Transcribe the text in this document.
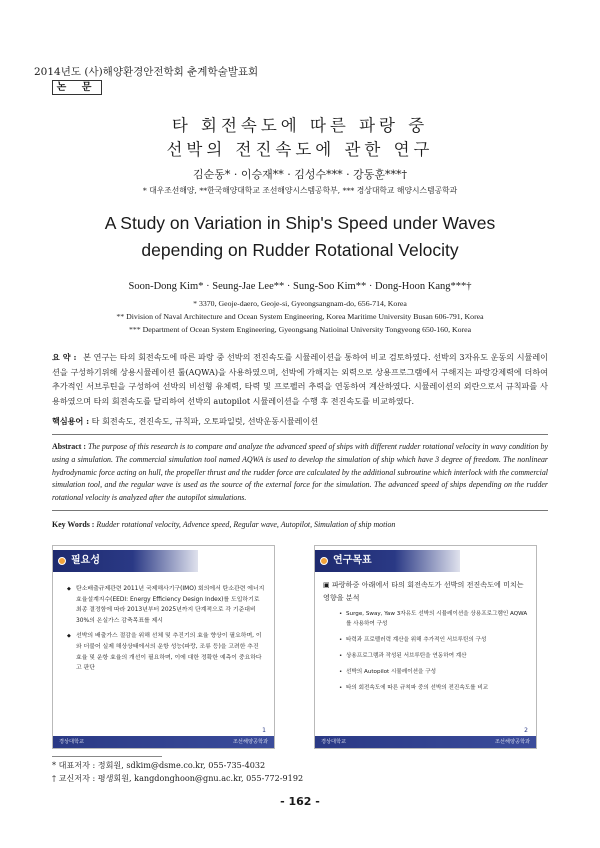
2014년도 (사)해양환경안전학회 춘계학술발표회
논 문
타 회전속도에 따른 파랑 중
선박의 전진속도에 관한 연구
김순동* · 이승재** · 김성수*** · 강동훈***†
* 대우조선해양, **한국해양대학교 조선해양시스템공학부, *** 경상대학교 해양시스템공학과
A Study on Variation in Ship's Speed under Waves
depending on Rudder Rotational Velocity
Soon-Dong Kim* · Seung-Jae Lee** · Sung-Soo Kim** · Dong-Hoon Kang***†
* 3370, Geoje-daero, Geoje-si, Gyeongsangnam-do, 656-714, Korea
** Division of Naval Architecture and Ocean System Engineering, Korea Maritime University Busan 606-791, Korea
*** Department of Ocean System Engineering, Gyeongsang Natioinal University Tongyeong 650-160, Korea
요 약 : 본 연구는 타의 회전속도에 따른 파랑 중 선박의 전진속도를 시뮬레이션을 통하여 비교 검토하였다. 선박의 3자유도 운동의 시뮬레이션을 구성하기위해 상용시뮬레이션 툴(AQWA)을 사용하였으며, 선박에 가해지는 외력으로 상용프로그램에서 구해지는 파랑강제력에 더하여 추가적인 서브루틴을 구성하여 선박의 비선형 유체력, 타력 및 프로펠러 추력을 연동하여 계산하였다. 시뮬레이션의 외란으로서 규칙파를 사용하였으며 타의 회전속도를 달리하여 선박의 autopilot 시뮬레이션을 수행 후 전진속도를 비교하였다.
핵심용어 : 타 회전속도, 전진속도, 규칙파, 오토파일럿, 선박운동시뮬레이션
Abstract : The purpose of this research is to compare and analyze the advanced speed of ships with different rudder rotational velocity in wavy condition by using a simulation. The commercial simulation tool named AQWA is used to develop the simulation of ship which have 3 degree of freedom. The nonlinear hydrodynamic force acting on hull, the propeller thrust and the rudder force are calculated by the additional subroutine which interlock with the commercial simulation tool, and the regular wave is used as the source of the external force for the simulation. The advanced speed of ships depending on the rudder rotational velocity is analyzed after the autopilot simulations.
Key Words : Rudder rotational velocity, Advence speed, Regular wave, Autopilot, Simulation of ship motion
필요성
◆ 탄소배출규제관련 2011년 국제해사기구(IMO) 회의에서 탄소관련 에너지효율설계지수(EEDI: Energy Efficiency Design Index)를 도입하기로 최종 결정함에 따라 2013년부터 2025년까지 단계적으로 각 기준대비 30%의 온실가스 감축목표를 제시
◆ 선박의 배출가스 절감을 위해 선체 및 추진기의 효율 향상이 필요하며, 이와 더불어 실제 해상상태에서의 운항 성능(파랑, 조류 등)을 고려한 추진 효율 및 운항 효율의 개선이 필요하며, 이에 대한 정확한 예측이 중요하다고 판단
1
경상대학교	조선해양공학과
연구목표
▣ 파랑하중 아래에서 타의 회전속도가 선박의 전진속도에 미치는 영향을 분석
• Surge, Sway, Yaw 3자유도 선박의 시뮬레이션을 상용프로그램인 AQWA를 사용하여 구성
• 타력과 프로펠러력 계산을 위해 추가적인 서브루틴의 구성
• 상용프로그램과 작성된 서브루틴을 연동하여 계산
• 선박의 Autopilot 시뮬레이션을 구성
• 타의 회전속도에 따른 규칙파 중의 선박의 전진속도를 비교
2
경상대학교	조선해양공학과
* 대표저자 : 정회원, sdkim@dsme.co.kr, 055-735-4032
† 교신저자 : 평생회원, kangdonghoon@gnu.ac.kr, 055-772-9192
- 162 -
